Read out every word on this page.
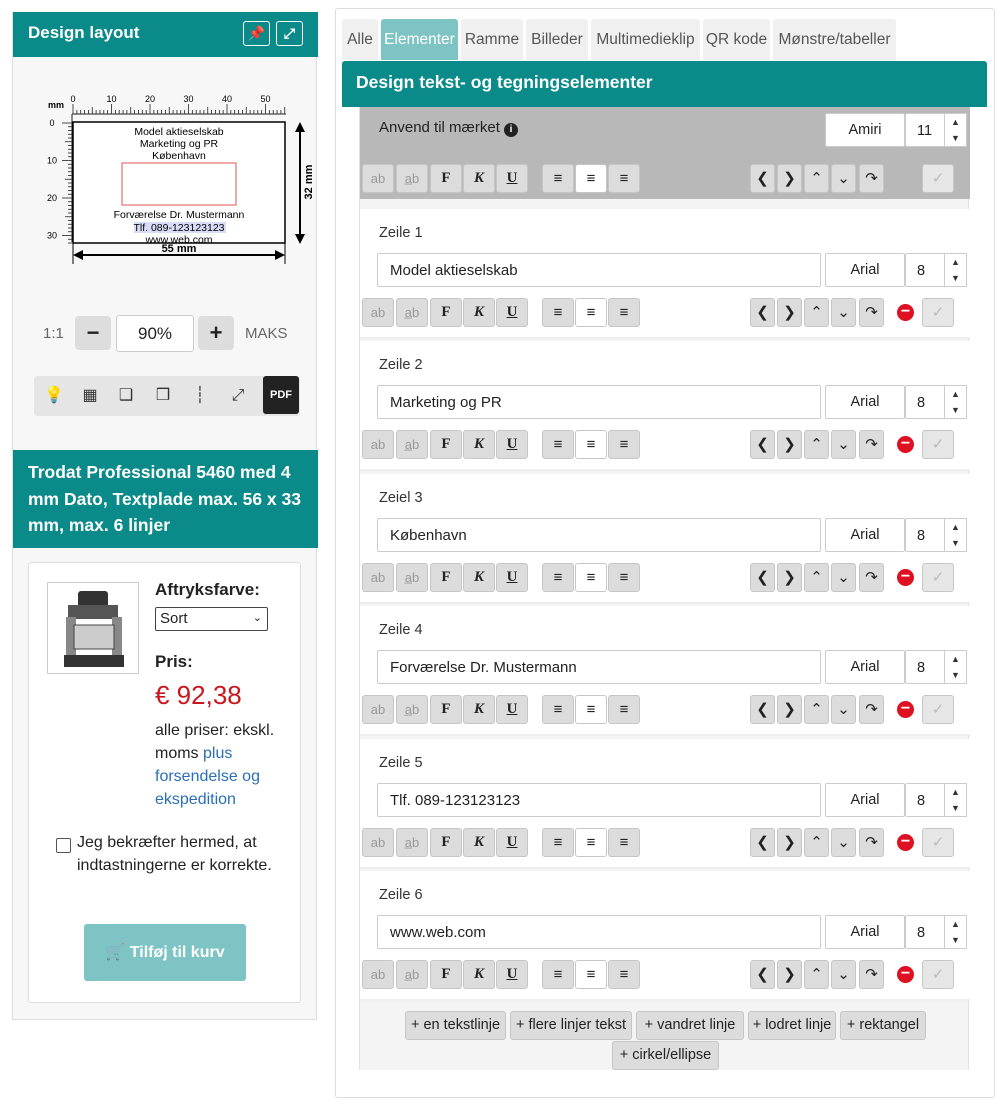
Design layout	📌	⤢
mm
0	10	20	30	40	50
0
10
20
30
Model aktieselskab
Marketing og PR
København
Forværelse Dr. Mustermann
Tlf. 089-123123123
www.web.com
32 mm
55 mm
1:1	−	90%	+	MAKS
💡	▦	❑	❒	┆	⤢	PDF
Trodat Professional 5460 med 4 mm Dato, Textplade max. 56 x 33 mm, max. 6 linjer
Aftryksfarve:
Sort	⌄
Pris:
€ 92,38
alle priser: ekskl. moms plus forsendelse og ekspedition
Jeg bekræfter hermed, at indtastningerne er korrekte.
🛒 Tilføj til kurv
Alle Elementer Ramme Billeder Multimedieklip QR kode Mønstre/tabeller
Design tekst- og tegningselementer
Anvend til mærket i	Amiri	11
▲
▼
ab	a̲b	F	K	U	≡	≡	≡	❮ ❯ ⌃ ⌄	↷	✓
Zeile 1
Model aktieselskab	Arial	8
▲
▼
ab	a̲b	F	K	U	≡	≡	≡	❮ ❯ ⌃ ⌄	↷	−	✓
Zeile 2
Marketing og PR	Arial	8
▲
▼
ab	a̲b	F	K	U	≡	≡	≡	❮ ❯ ⌃ ⌄	↷	−	✓
Zeiel 3
København	Arial	8
▲
▼
ab	a̲b	F	K	U	≡	≡	≡	❮ ❯ ⌃ ⌄	↷	−	✓
Zeile 4
Forværelse Dr. Mustermann	Arial	8
▲
▼
ab	a̲b	F	K	U	≡	≡	≡	❮ ❯ ⌃ ⌄	↷	−	✓
Zeile 5
Tlf. 089-123123123	Arial	8
▲
▼
ab	a̲b	F	K	U	≡	≡	≡	❮ ❯ ⌃ ⌄	↷	−	✓
Zeile 6
www.web.com	Arial	8
▲
▼
ab	a̲b	F	K	U	≡	≡	≡	❮ ❯ ⌃ ⌄	↷	−	✓
+ en tekstlinje	+ flere linjer tekst	+ vandret linje	+ lodret linje	+ rektangel
+ cirkel/ellipse
